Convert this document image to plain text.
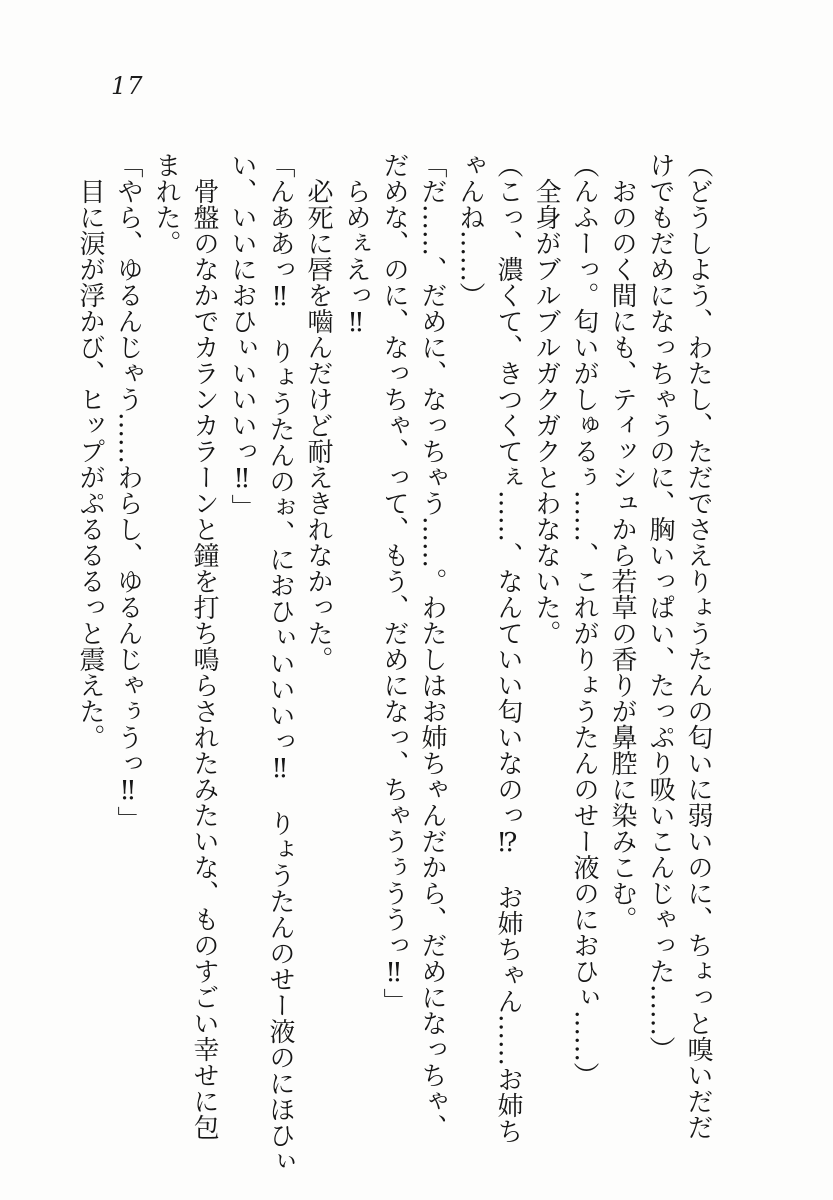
17

（どうしよう、わたし、ただでさえりょうたんの匂いに弱いのに、ちょっと嗅いだだ

けでもだめになっちゃうのに、胸いっぱい、たっぷり吸いこんじゃった……）

おののく間にも、ティッシュから若草の香りが鼻腔に染みこむ。

（んふーっ。匂いがしゅるぅ……、これがりょうたんのせー液のにおひぃ……）

全身がブルブルガクガクとわなないた。

（こっ、濃くて、きつくてぇ……、なんていい匂いなのっ⁉　お姉ちゃん……お姉ち

ゃんね……）

「だ……、だめに、なっちゃう……。わたしはお姉ちゃんだから、だめになっちゃ、

だめな、のに、なっちゃ、って、もう、だめになっ、ちゃうぅううっ‼」

らめぇえっ‼

必死に唇を嚙んだけど耐えきれなかった。

「んああっ‼　りょうたんのぉ、におひぃいいいっ‼　りょうたんのせー液のにほひぃ

い、いいにおひぃいいいっ‼」

骨盤のなかでカランカラーンと鐘を打ち鳴らされたみたいな、ものすごい幸せに包

まれた。

「やら、ゆるんじゃう……わらし、ゆるんじゃぅうっ‼」

目に涙が浮かび、ヒップがぷるるるっと震えた。
